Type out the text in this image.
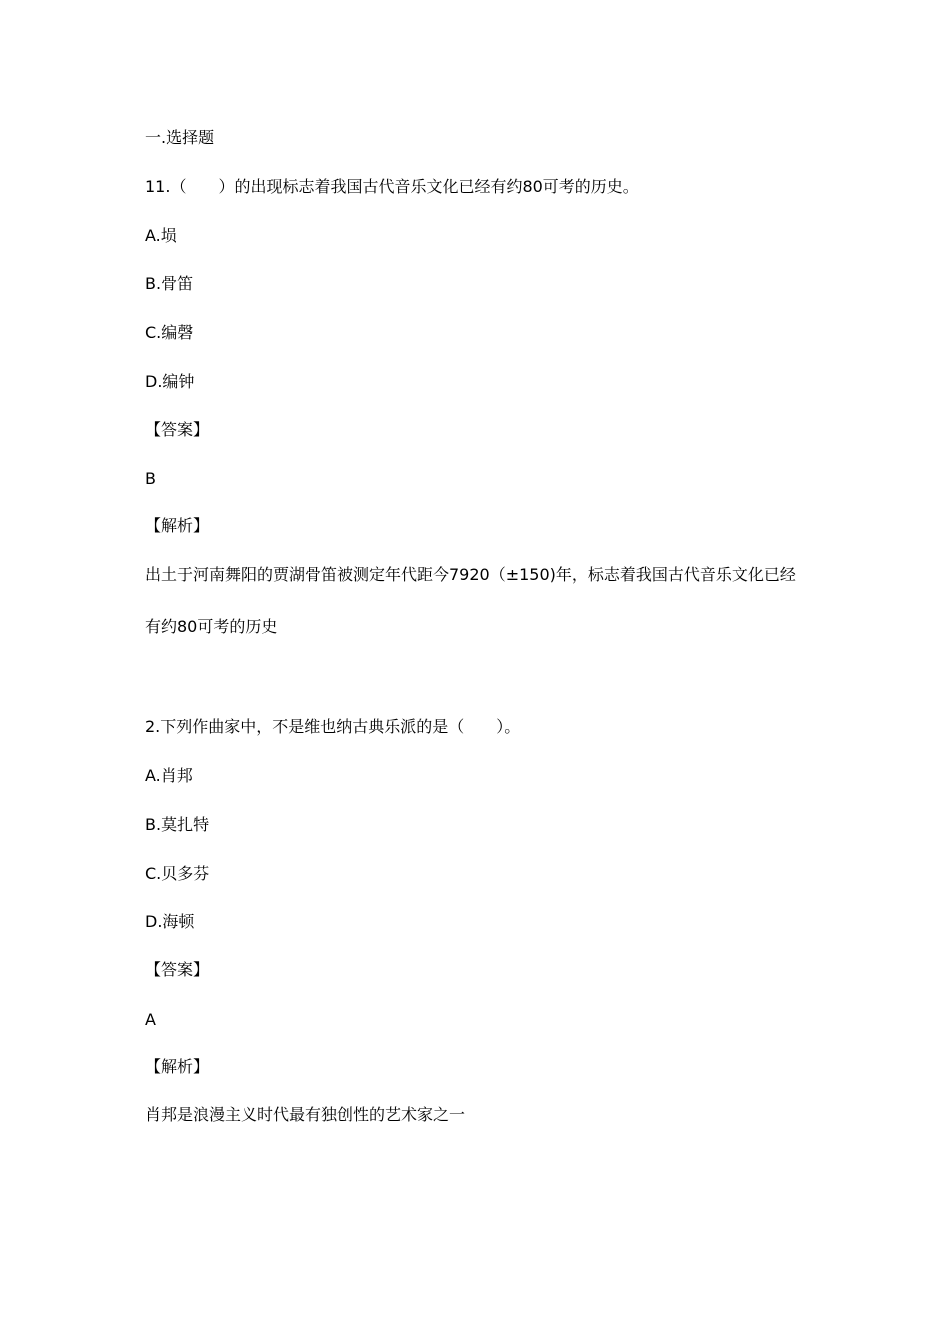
一.选择题
11.（　　）的出现标志着我国古代音乐文化已经有约80可考的历史。
A.埙
B.骨笛
C.编磬
D.编钟
【答案】
B
【解析】
出土于河南舞阳的贾湖骨笛被测定年代距今7920（±150)年，标志着我国古代音乐文化已经
有约80可考的历史
2.下列作曲家中，不是维也纳古典乐派的是（　　）。
A.肖邦
B.莫扎特
C.贝多芬
D.海顿
【答案】
A
【解析】
肖邦是浪漫主义时代最有独创性的艺术家之一
